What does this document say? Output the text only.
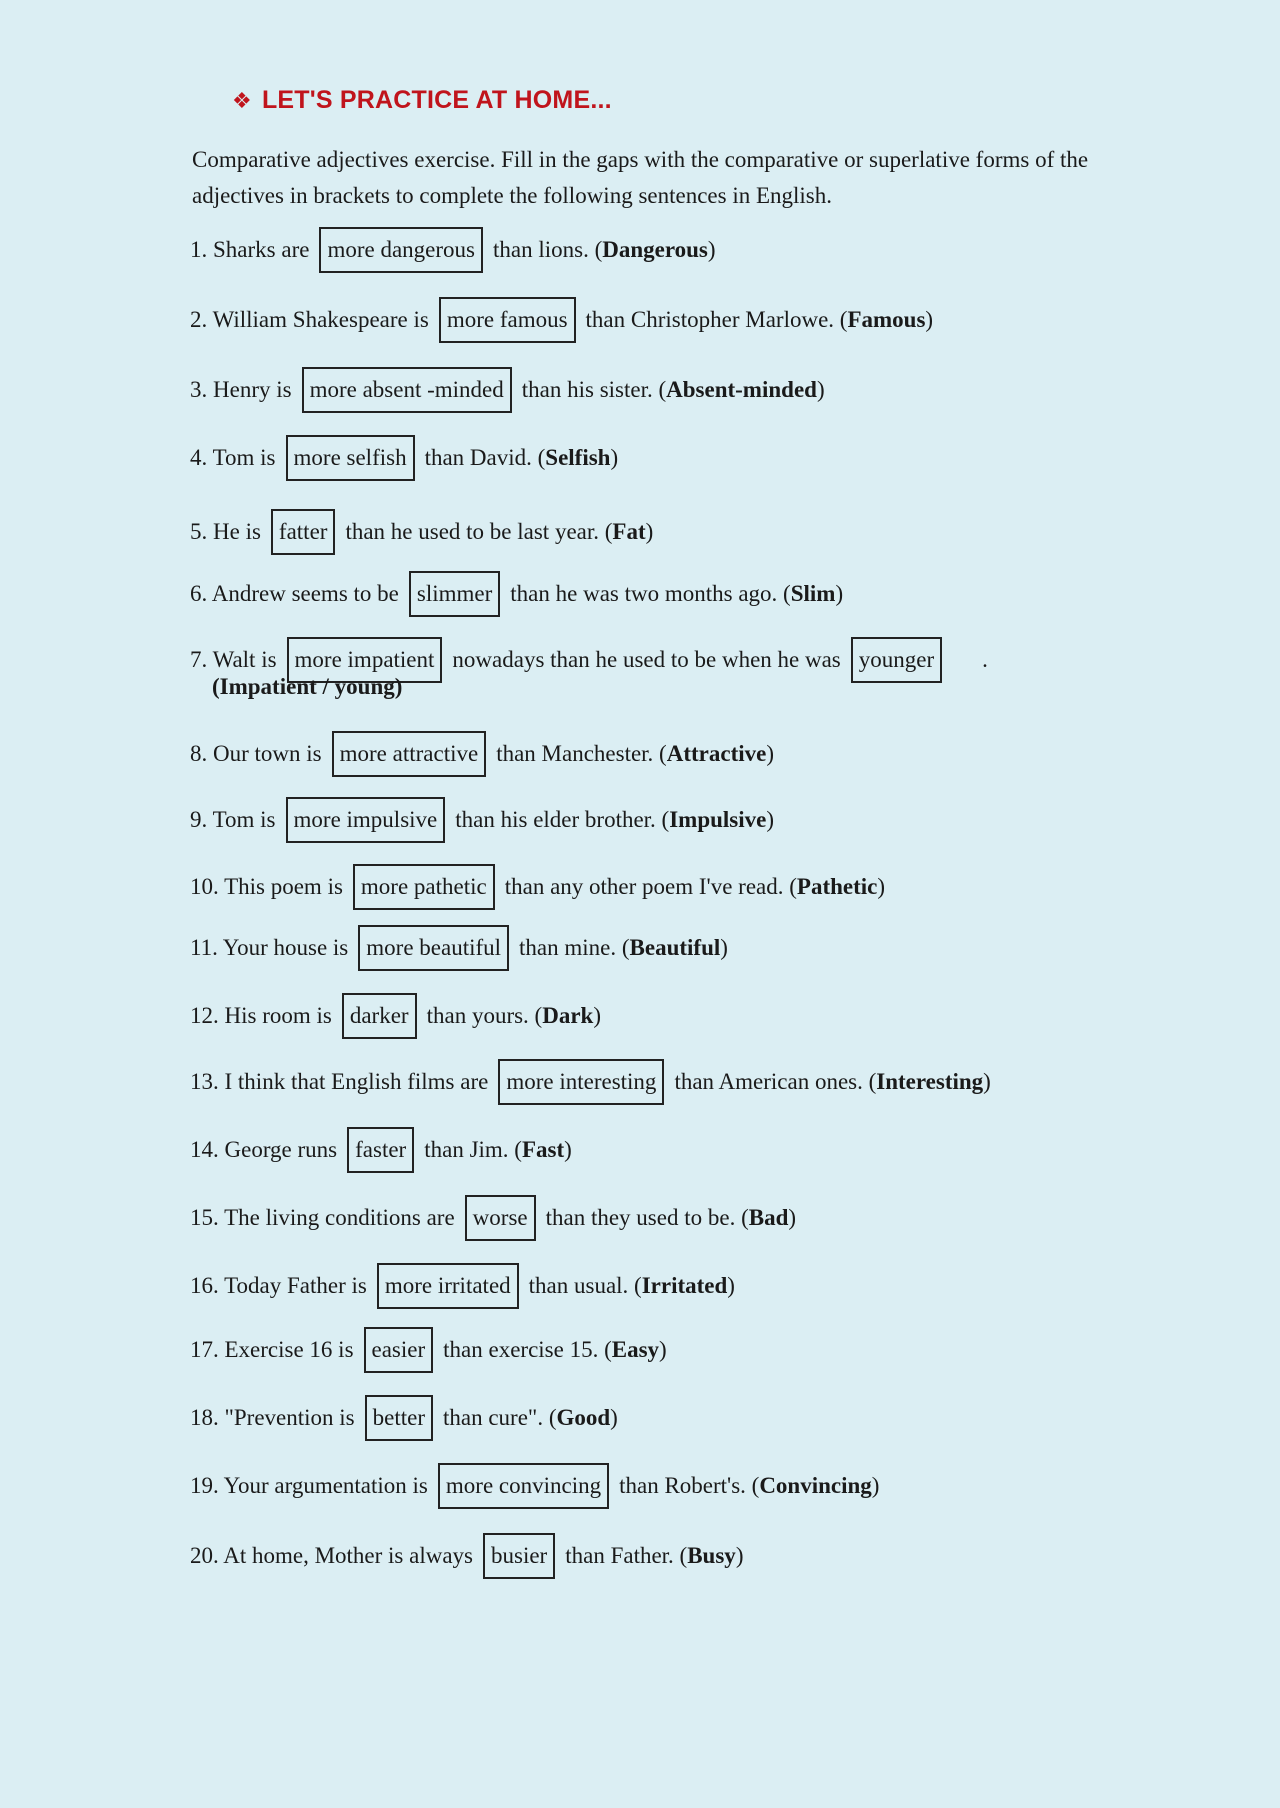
❖ LET'S PRACTICE AT HOME...
Comparative adjectives exercise. Fill in the gaps with the comparative or superlative forms of the adjectives in brackets to complete the following sentences in English.
1. Sharks are more dangerous than lions. ( Dangerous )
2. William Shakespeare is more famous than Christopher Marlowe. ( Famous )
3. Henry is more absent -minded than his sister. ( Absent-minded )
4. Tom is more selfish than David. ( Selfish )
5. He is fatter than he used to be last year. ( Fat )
6. Andrew seems to be slimmer than he was two months ago. ( Slim )
7. Walt is more impatient nowadays than he used to be when he was younger	.
(Impatient / young)
8. Our town is more attractive than Manchester. ( Attractive )
9. Tom is more impulsive than his elder brother. ( Impulsive )
10. This poem is more pathetic than any other poem I've read. ( Pathetic )
11. Your house is more beautiful than mine. ( Beautiful )
12. His room is darker than yours. ( Dark )
13. I think that English films are more interesting than American ones. ( Interesting )
14. George runs faster than Jim. ( Fast )
15. The living conditions are worse than they used to be. ( Bad )
16. Today Father is more irritated than usual. ( Irritated )
17. Exercise 16 is easier than exercise 15. ( Easy )
18. "Prevention is better than cure". ( Good )
19. Your argumentation is more convincing than Robert's. ( Convincing )
20. At home, Mother is always busier than Father. ( Busy )
